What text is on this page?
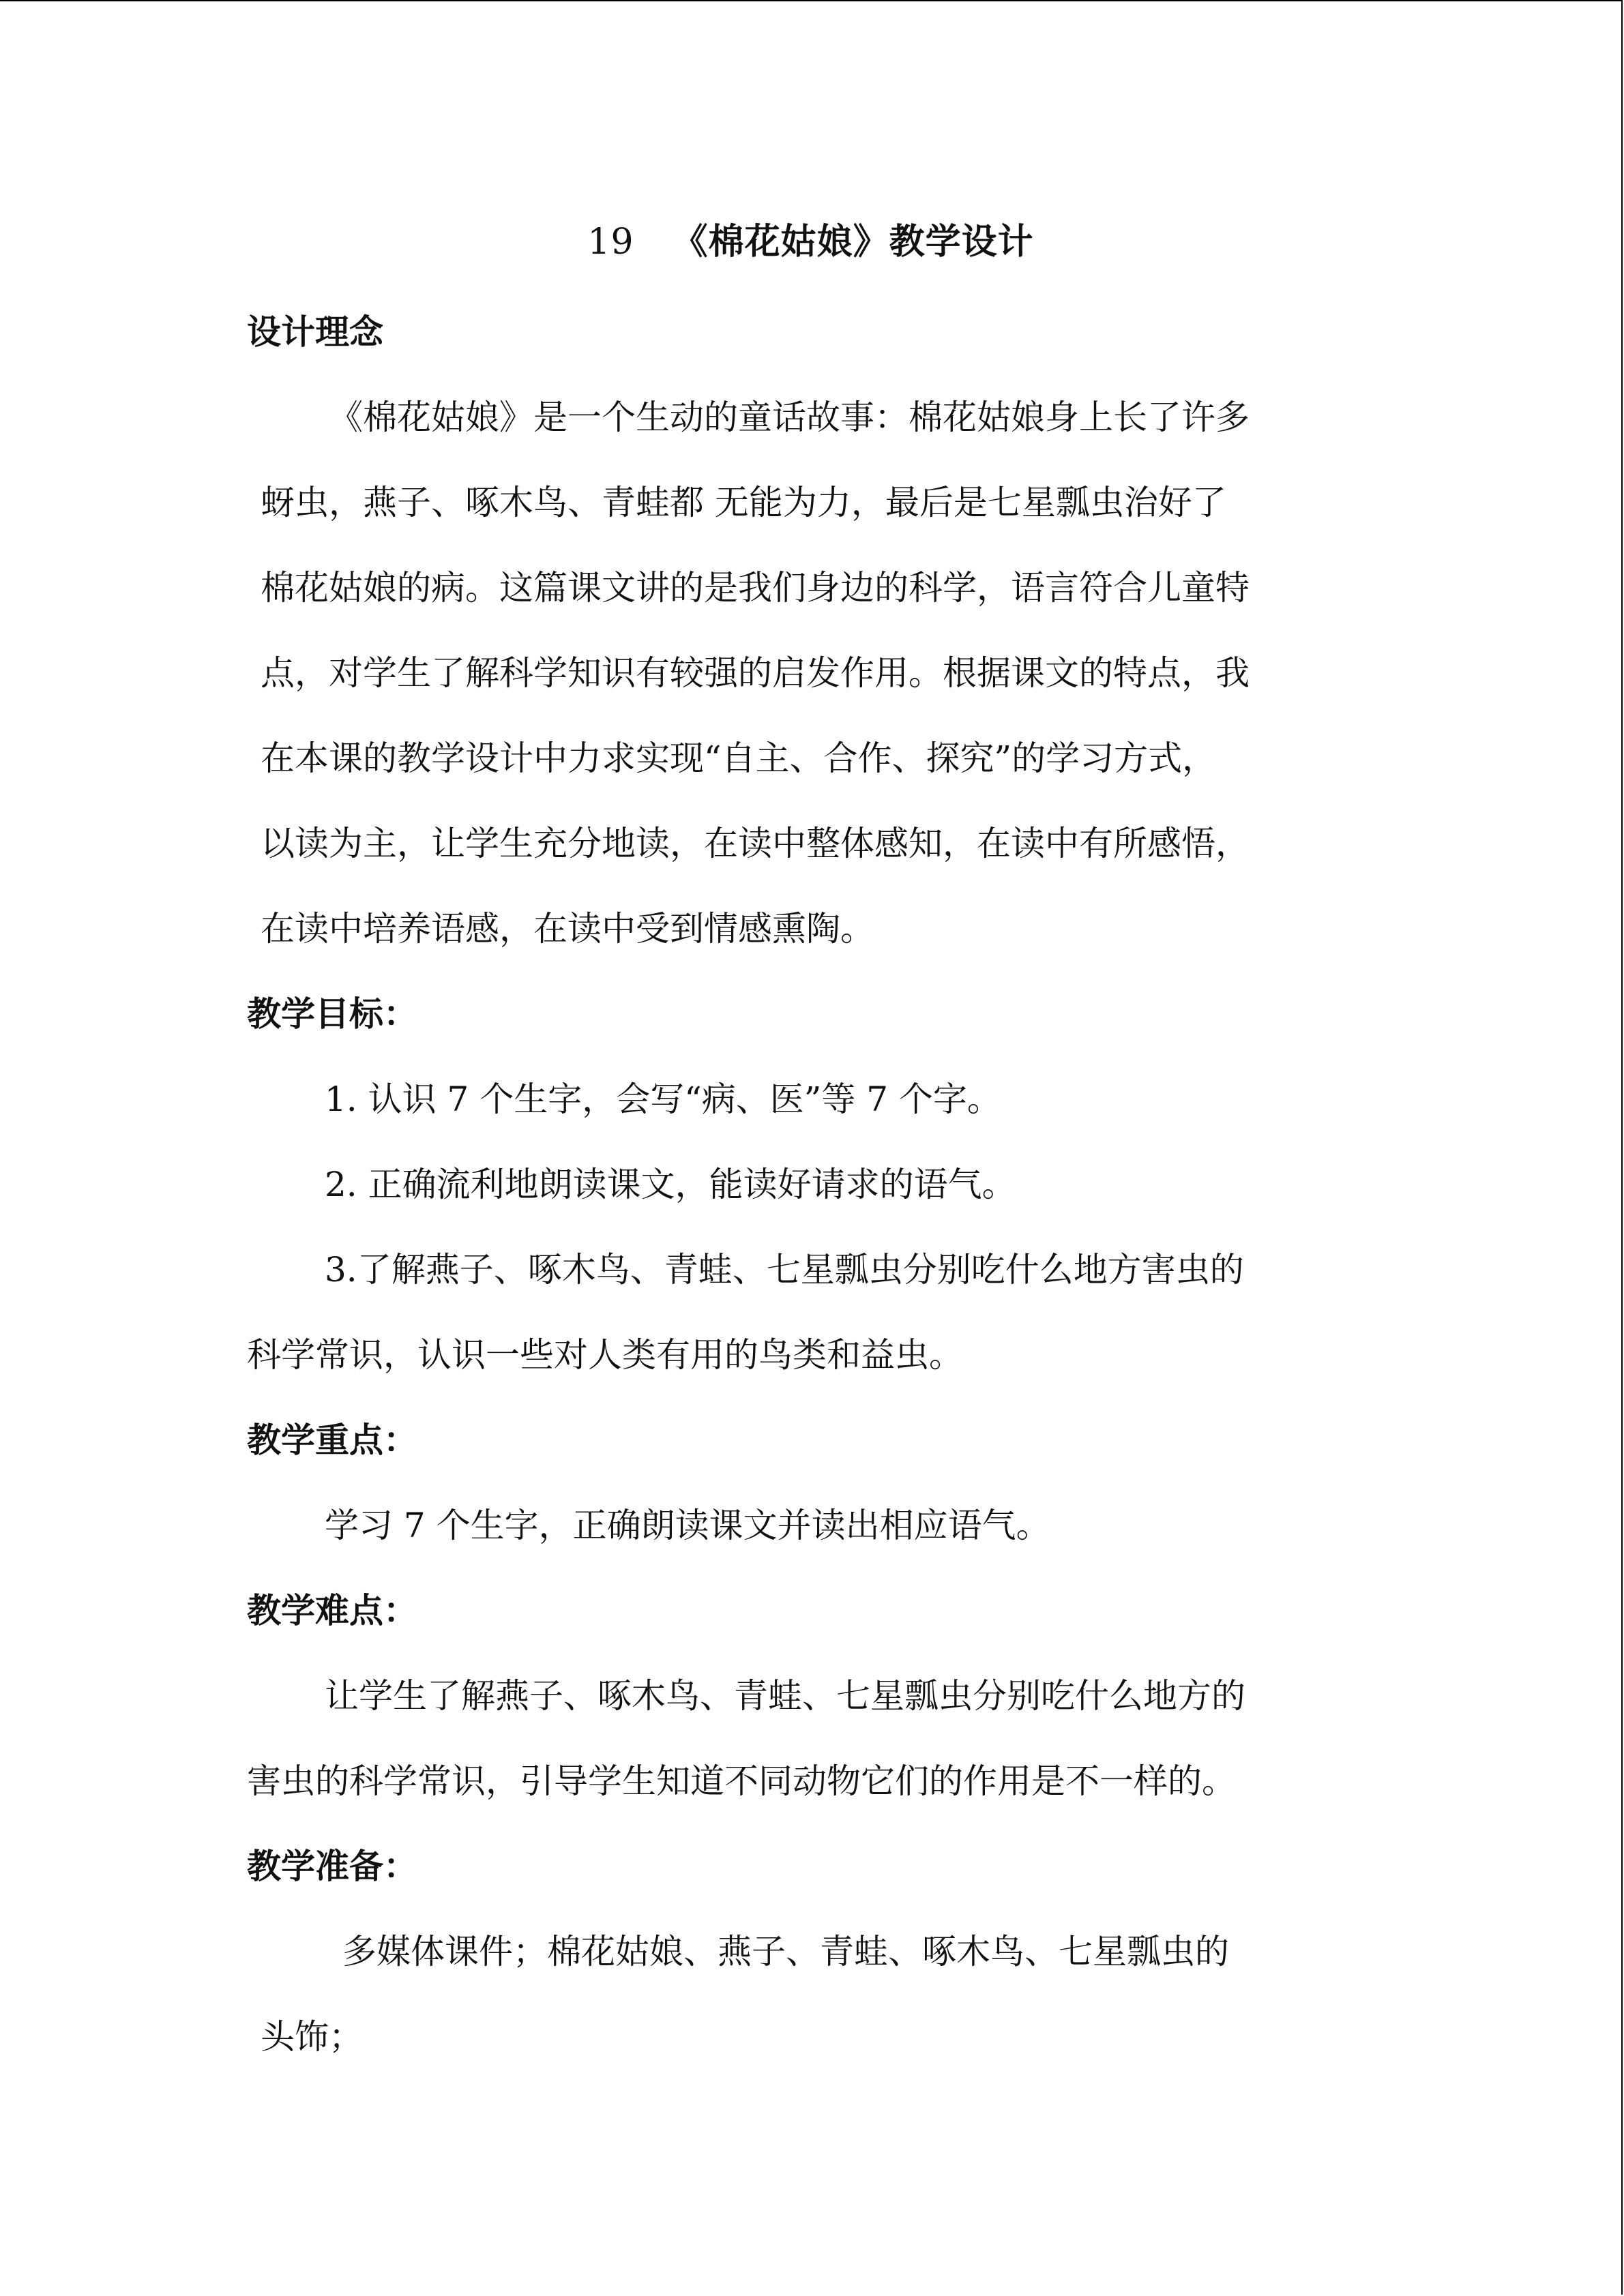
19 《棉花姑娘》教学设计
设计理念
《棉花姑娘》是一个生动的童话故事：棉花姑娘身上长了许多
蚜虫，燕子、啄木鸟、青蛙都 无能为力，最后是七星瓢虫治好了
棉花姑娘的病。这篇课文讲的是我们身边的科学，语言符合儿童特
点，对学生了解科学知识有较强的启发作用。根据课文的特点，我
在本课的教学设计中力求实现“自主、合作、探究”的学习方式，
以读为主，让学生充分地读，在读中整体感知，在读中有所感悟，
在读中培养语感，在读中受到情感熏陶。
教学目标：
1. 认识 7 个生字，会写“病、医”等 7 个字。
2. 正确流利地朗读课文，能读好请求的语气。
3.了解燕子、啄木鸟、青蛙、七星瓢虫分别吃什么地方害虫的
科学常识，认识一些对人类有用的鸟类和益虫。
教学重点：
学习 7 个生字，正确朗读课文并读出相应语气。
教学难点：
让学生了解燕子、啄木鸟、青蛙、七星瓢虫分别吃什么地方的
害虫的科学常识，引导学生知道不同动物它们的作用是不一样的。
教学准备：
多媒体课件；棉花姑娘、燕子、青蛙、啄木鸟、七星瓢虫的
头饰；
